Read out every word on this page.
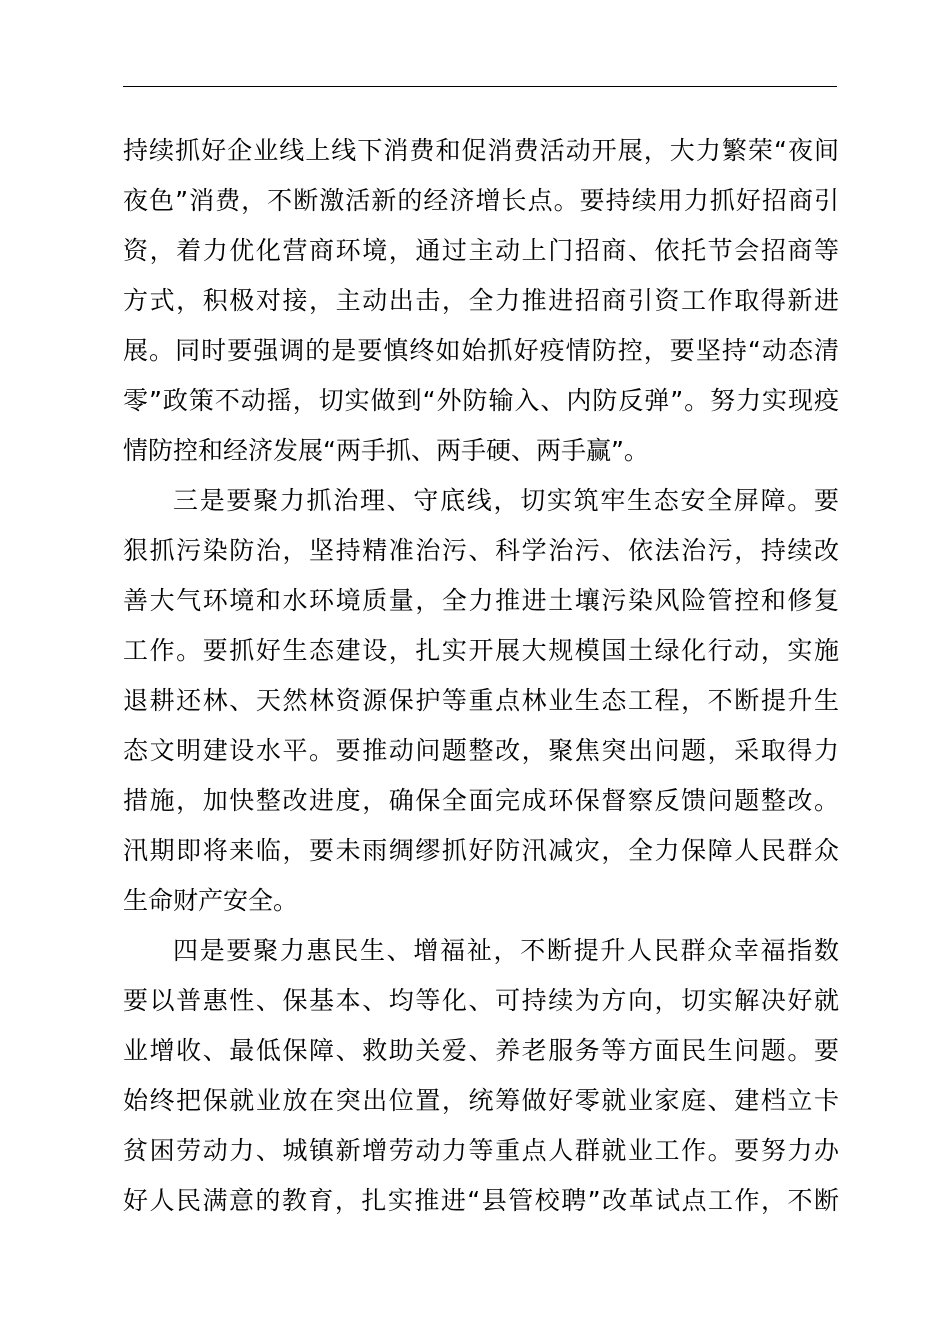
持续抓好企业线上线下消费和促消费活动开展，大力繁荣“夜间
夜色”消费，不断激活新的经济增长点。要持续用力抓好招商引
资，着力优化营商环境，通过主动上门招商、依托节会招商等
方式，积极对接，主动出击，全力推进招商引资工作取得新进
展。同时要强调的是要慎终如始抓好疫情防控，要坚持“动态清
零”政策不动摇，切实做到“外防输入、内防反弹”。努力实现疫
情防控和经济发展“两手抓、两手硬、两手赢”。
三是要聚力抓治理、守底线，切实筑牢生态安全屏障。要
狠抓污染防治，坚持精准治污、科学治污、依法治污，持续改
善大气环境和水环境质量，全力推进土壤污染风险管控和修复
工作。要抓好生态建设，扎实开展大规模国土绿化行动，实施
退耕还林、天然林资源保护等重点林业生态工程，不断提升生
态文明建设水平。要推动问题整改，聚焦突出问题，采取得力
措施，加快整改进度，确保全面完成环保督察反馈问题整改。
汛期即将来临，要未雨绸缪抓好防汛减灾，全力保障人民群众
生命财产安全。
四是要聚力惠民生、增福祉，不断提升人民群众幸福指数
要以普惠性、保基本、均等化、可持续为方向，切实解决好就
业增收、最低保障、救助关爱、养老服务等方面民生问题。要
始终把保就业放在突出位置，统筹做好零就业家庭、建档立卡
贫困劳动力、城镇新增劳动力等重点人群就业工作。要努力办
好人民满意的教育，扎实推进“县管校聘”改革试点工作，不断
